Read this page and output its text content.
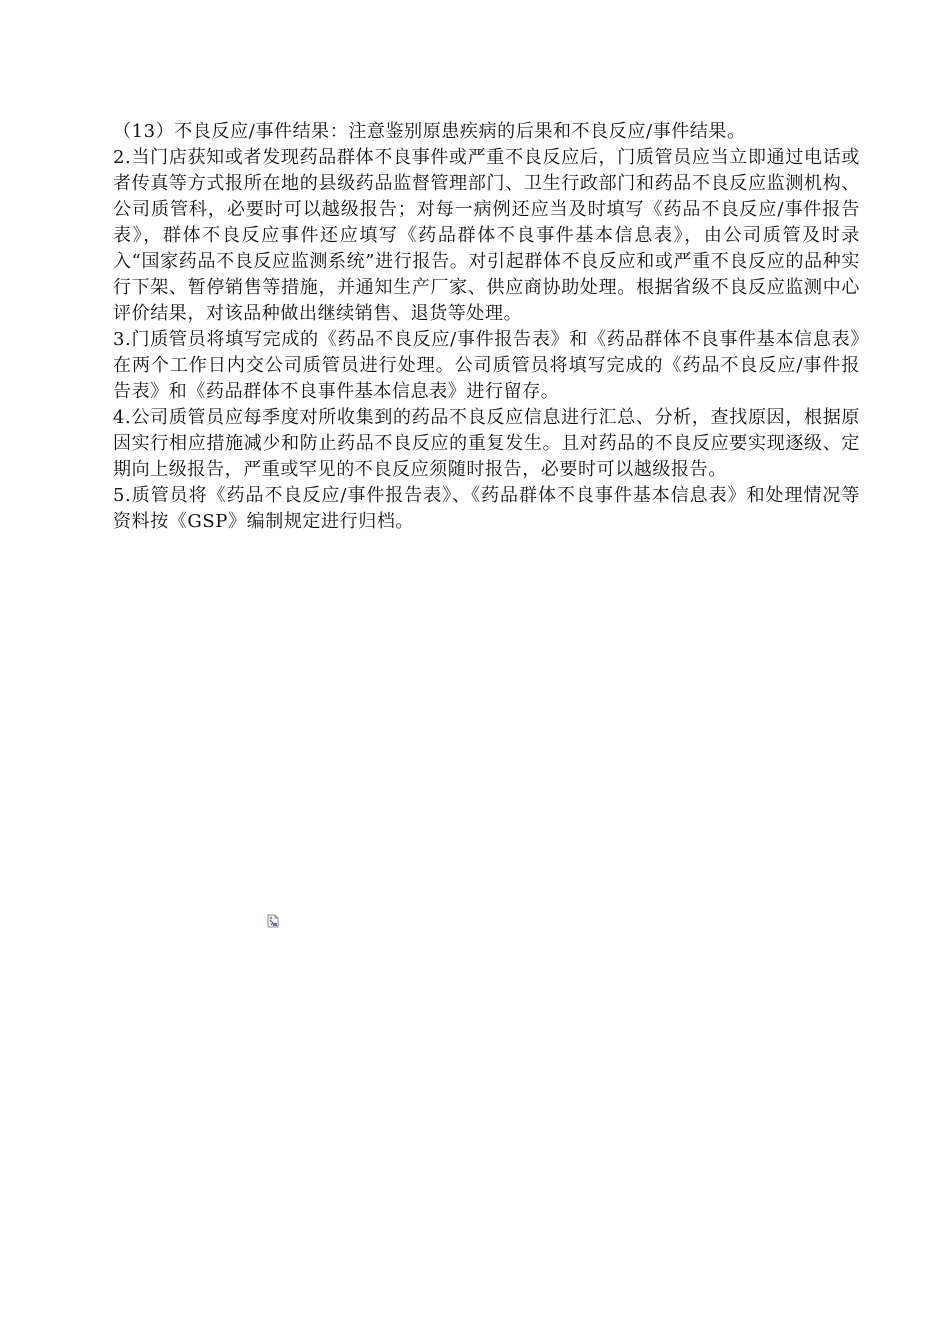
（13）不良反应/事件结果：注意鉴别原患疾病的后果和不良反应/事件结果。

2.当门店获知或者发现药品群体不良事件或严重不良反应后，门质管员应当立即通过电话或者传真等方式报所在地的县级药品监督管理部门、卫生行政部门和药品不良反应监测机构、公司质管科，必要时可以越级报告；对每一病例还应当及时填写《药品不良反应/事件报告表》，群体不良反应事件还应填写《药品群体不良事件基本信息表》，由公司质管及时录入“国家药品不良反应监测系统”进行报告。对引起群体不良反应和或严重不良反应的品种实行下架、暂停销售等措施，并通知生产厂家、供应商协助处理。根据省级不良反应监测中心评价结果，对该品种做出继续销售、退货等处理。

3.门质管员将填写完成的《药品不良反应/事件报告表》和《药品群体不良事件基本信息表》在两个工作日内交公司质管员进行处理。公司质管员将填写完成的《药品不良反应/事件报告表》和《药品群体不良事件基本信息表》进行留存。

4.公司质管员应每季度对所收集到的药品不良反应信息进行汇总、分析，查找原因，根据原因实行相应措施减少和防止药品不良反应的重复发生。且对药品的不良反应要实现逐级、定期向上级报告，严重或罕见的不良反应须随时报告，必要时可以越级报告。

5.质管员将《药品不良反应/事件报告表》、《药品群体不良事件基本信息表》和处理情况等资料按《GSP》编制规定进行归档。
